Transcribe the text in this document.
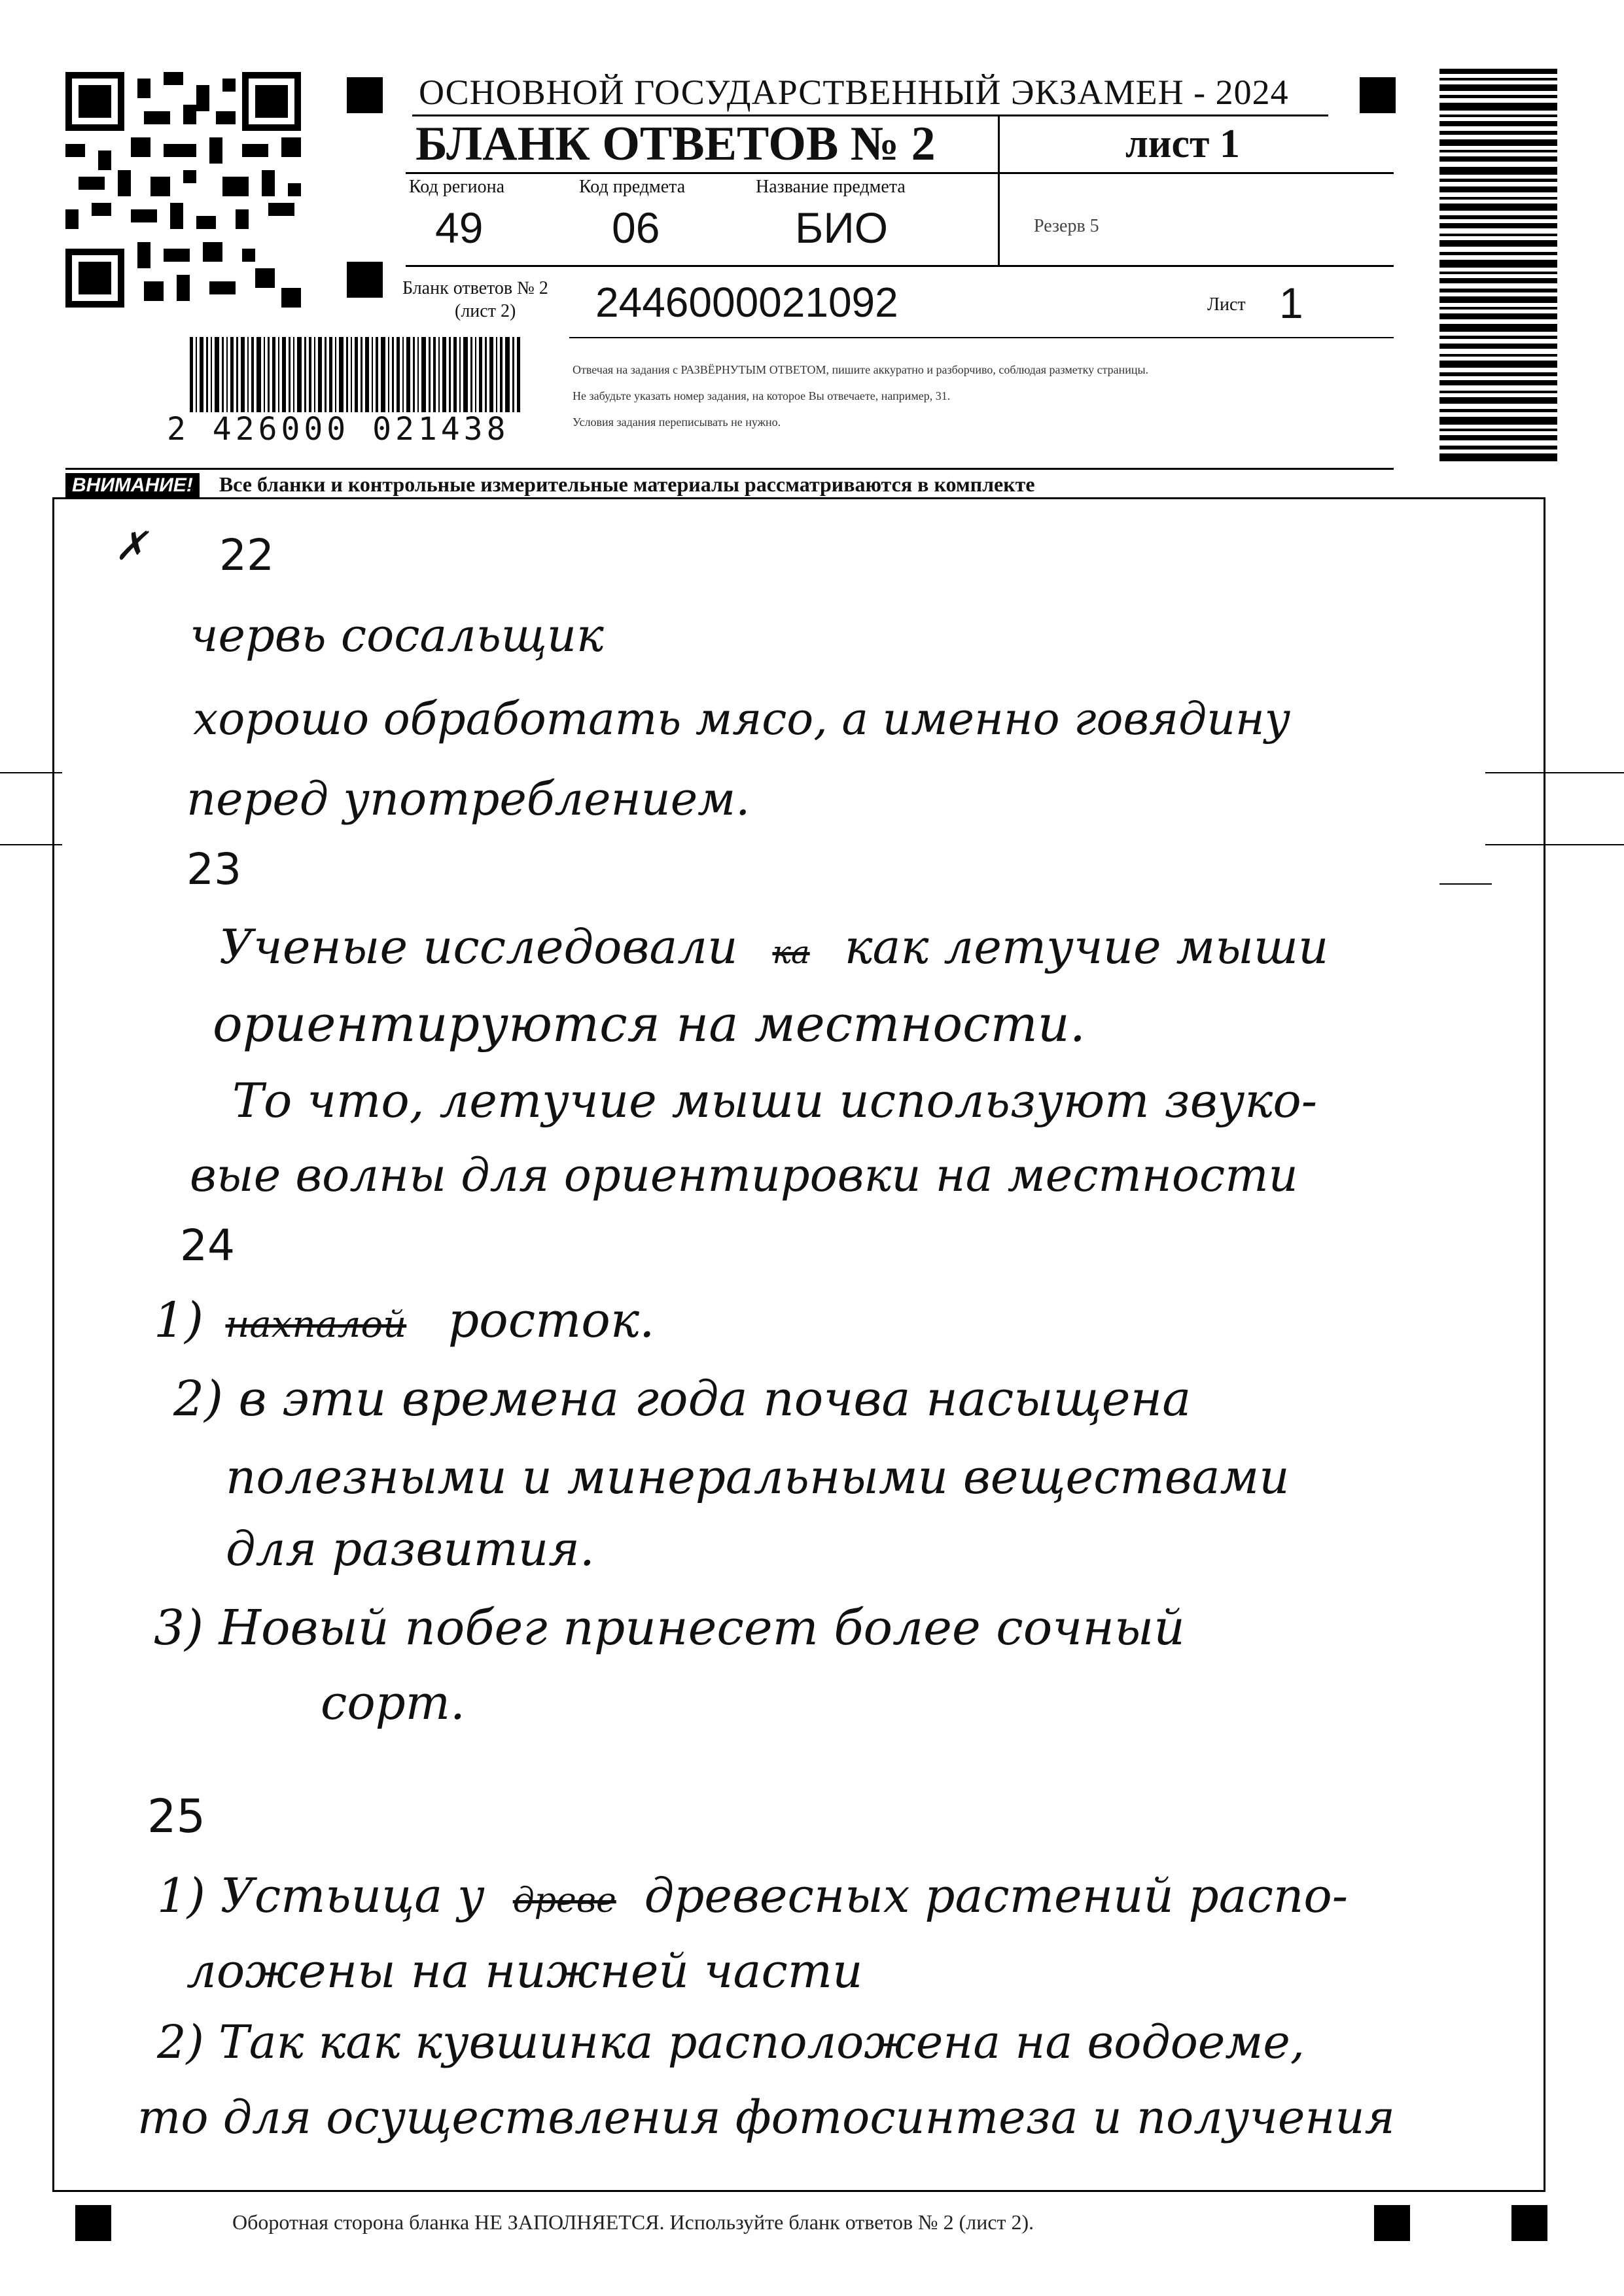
ОСНОВНОЙ ГОСУДАРСТВЕННЫЙ ЭКЗАМЕН - 2024
БЛАНК ОТВЕТОВ № 2	лист 1
Код региона	Код предмета	Название предмета
49	06	БИО	Резерв 5
Бланк ответов № 2
(лист 2) 2446000021092	Лист 1
Отвечая на задания с РАЗВЁРНУТЫМ ОТВЕТОМ, пишите аккуратно и разборчиво, соблюдая разметку страницы.
Не забудьте указать номер задания, на которое Вы отвечаете, например, 31.
Условия задания переписывать не нужно.
2 426000 021438
ВНИМАНИЕ! Все бланки и контрольные измерительные материалы рассматриваются в комплекте
✗ 22
червь сосальщик
хорошо обработать мясо, а именно говядину
перед употреблением.
23
Ученые исследовали ка как летучие мыши
ориентируются на местности.
То что, летучие мыши используют звуко-
вые волны для ориентировки на местности
24
1) нахпалой росток.
2) в эти времена года почва насыщена
полезными и минеральными веществами
для развития.
3) Новый побег принесет более сочный
сорт.
25
1) Устьица у древе древесных растений распо-
ложены на нижней части
2) Так как кувшинка расположена на водоеме,
то для осуществления фотосинтеза и получения
Оборотная сторона бланка НЕ ЗАПОЛНЯЕТСЯ. Используйте бланк ответов № 2 (лист 2).
